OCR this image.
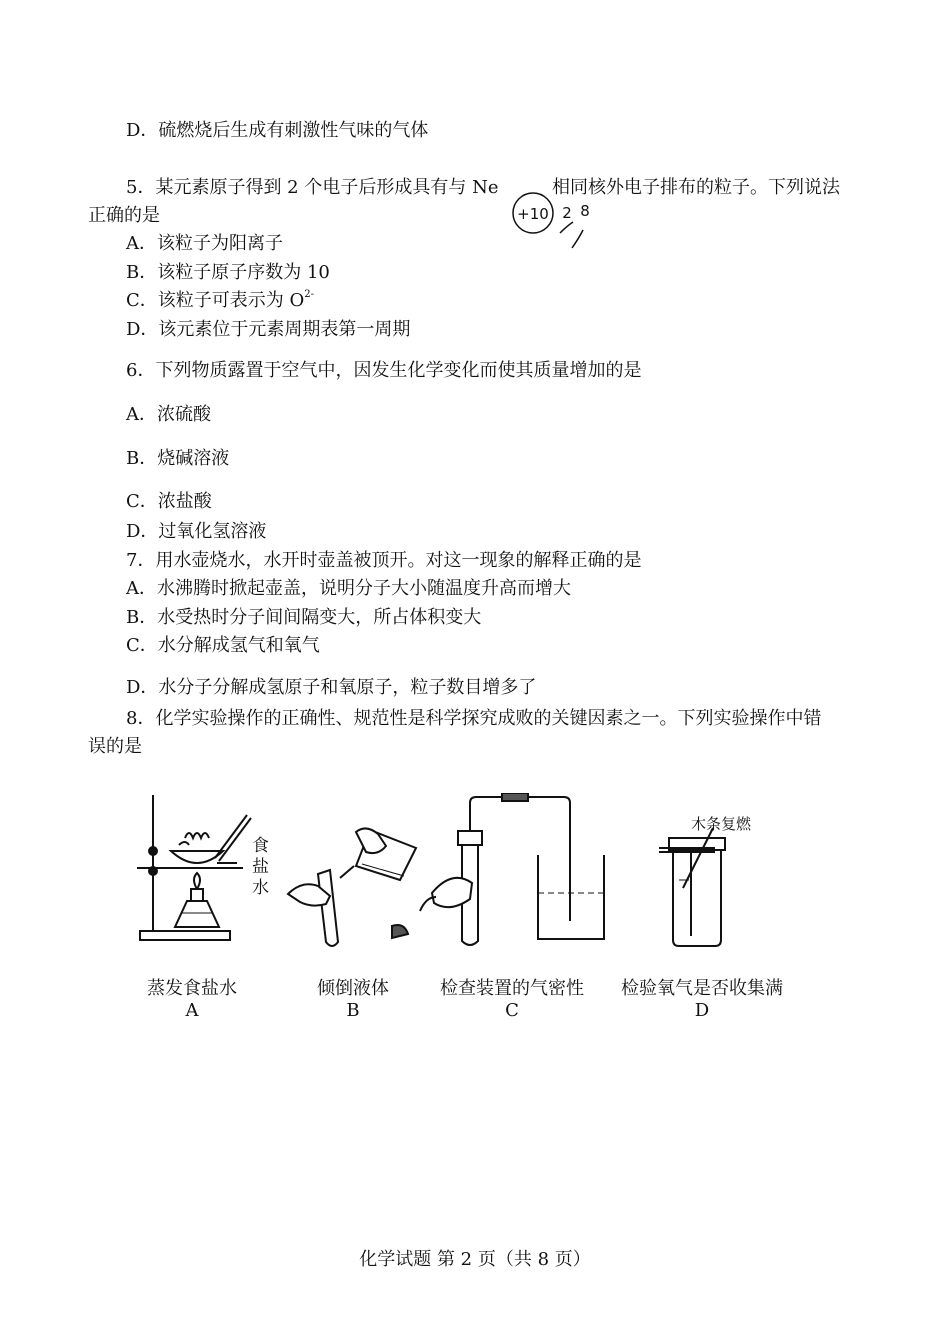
D．硫燃烧后生成有刺激性气味的气体
5．某元素原子得到 2 个电子后形成具有与 Ne
+10 2 8
相同核外电子排布的粒子。下列说法
正确的是
A．该粒子为阳离子
B．该粒子原子序数为 10
C．该粒子可表示为 $O^{2-}$
D．该元素位于元素周期表第一周期
6．下列物质露置于空气中，因发生化学变化而使其质量增加的是
A．浓硫酸
B．烧碱溶液
C．浓盐酸
D．过氧化氢溶液
7．用水壶烧水，水开时壶盖被顶开。对这一现象的解释正确的是
A．水沸腾时掀起壶盖，说明分子大小随温度升高而增大
B．水受热时分子间间隔变大，所占体积变大
C．水分解成氢气和氧气
D．水分子分解成氢原子和氧原子，粒子数目增多了
8．化学实验操作的正确性、规范性是科学探究成败的关键因素之一。下列实验操作中错
误的是
食
盐
水
木条复燃
蒸发食盐水
A
倾倒液体
B
检查装置的气密性
C
检验氧气是否收集满
D
化学试题 第 2 页（共 8 页）
